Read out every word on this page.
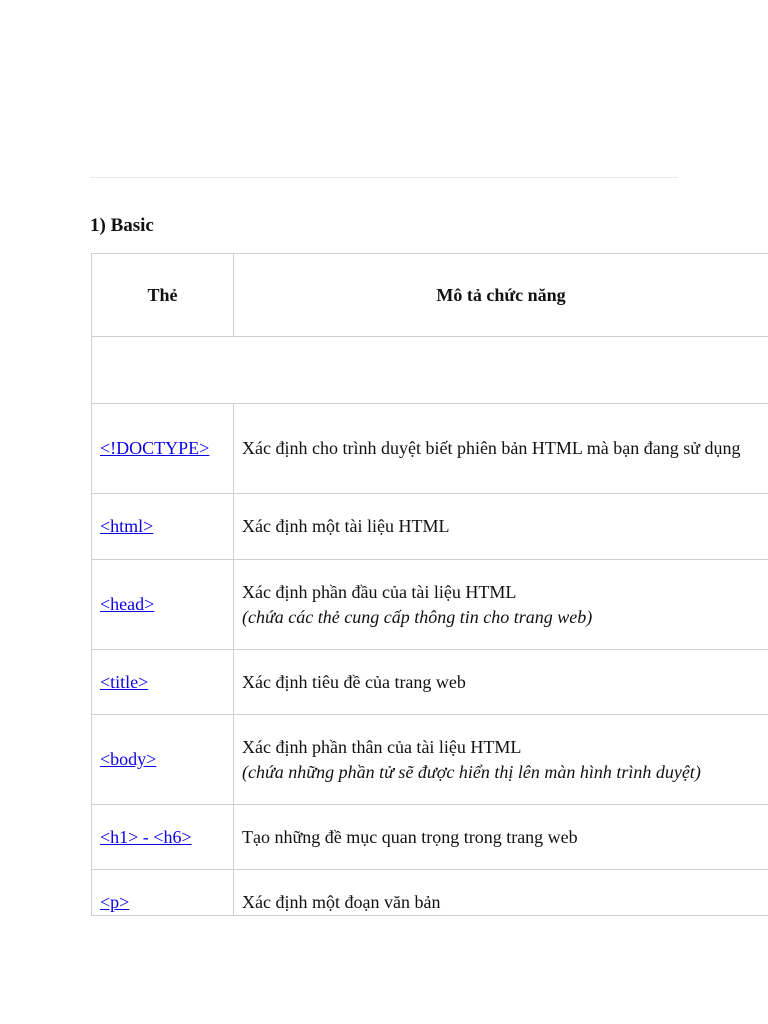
1) Basic
Thẻ	Mô tả chức năng

<!DOCTYPE>	Xác định cho trình duyệt biết phiên bản HTML mà bạn đang sử dụng
<html>	Xác định một tài liệu HTML
<head>	Xác định phần đầu của tài liệu HTML
(chứa các thẻ cung cấp thông tin cho trang web)

<title>	Xác định tiêu đề của trang web
<body>	Xác định phần thân của tài liệu HTML
(chứa những phần tử sẽ được hiển thị lên màn hình trình duyệt)

<h1> - <h6>	Tạo những đề mục quan trọng trong trang web
<p>	Xác định một đoạn văn bản
